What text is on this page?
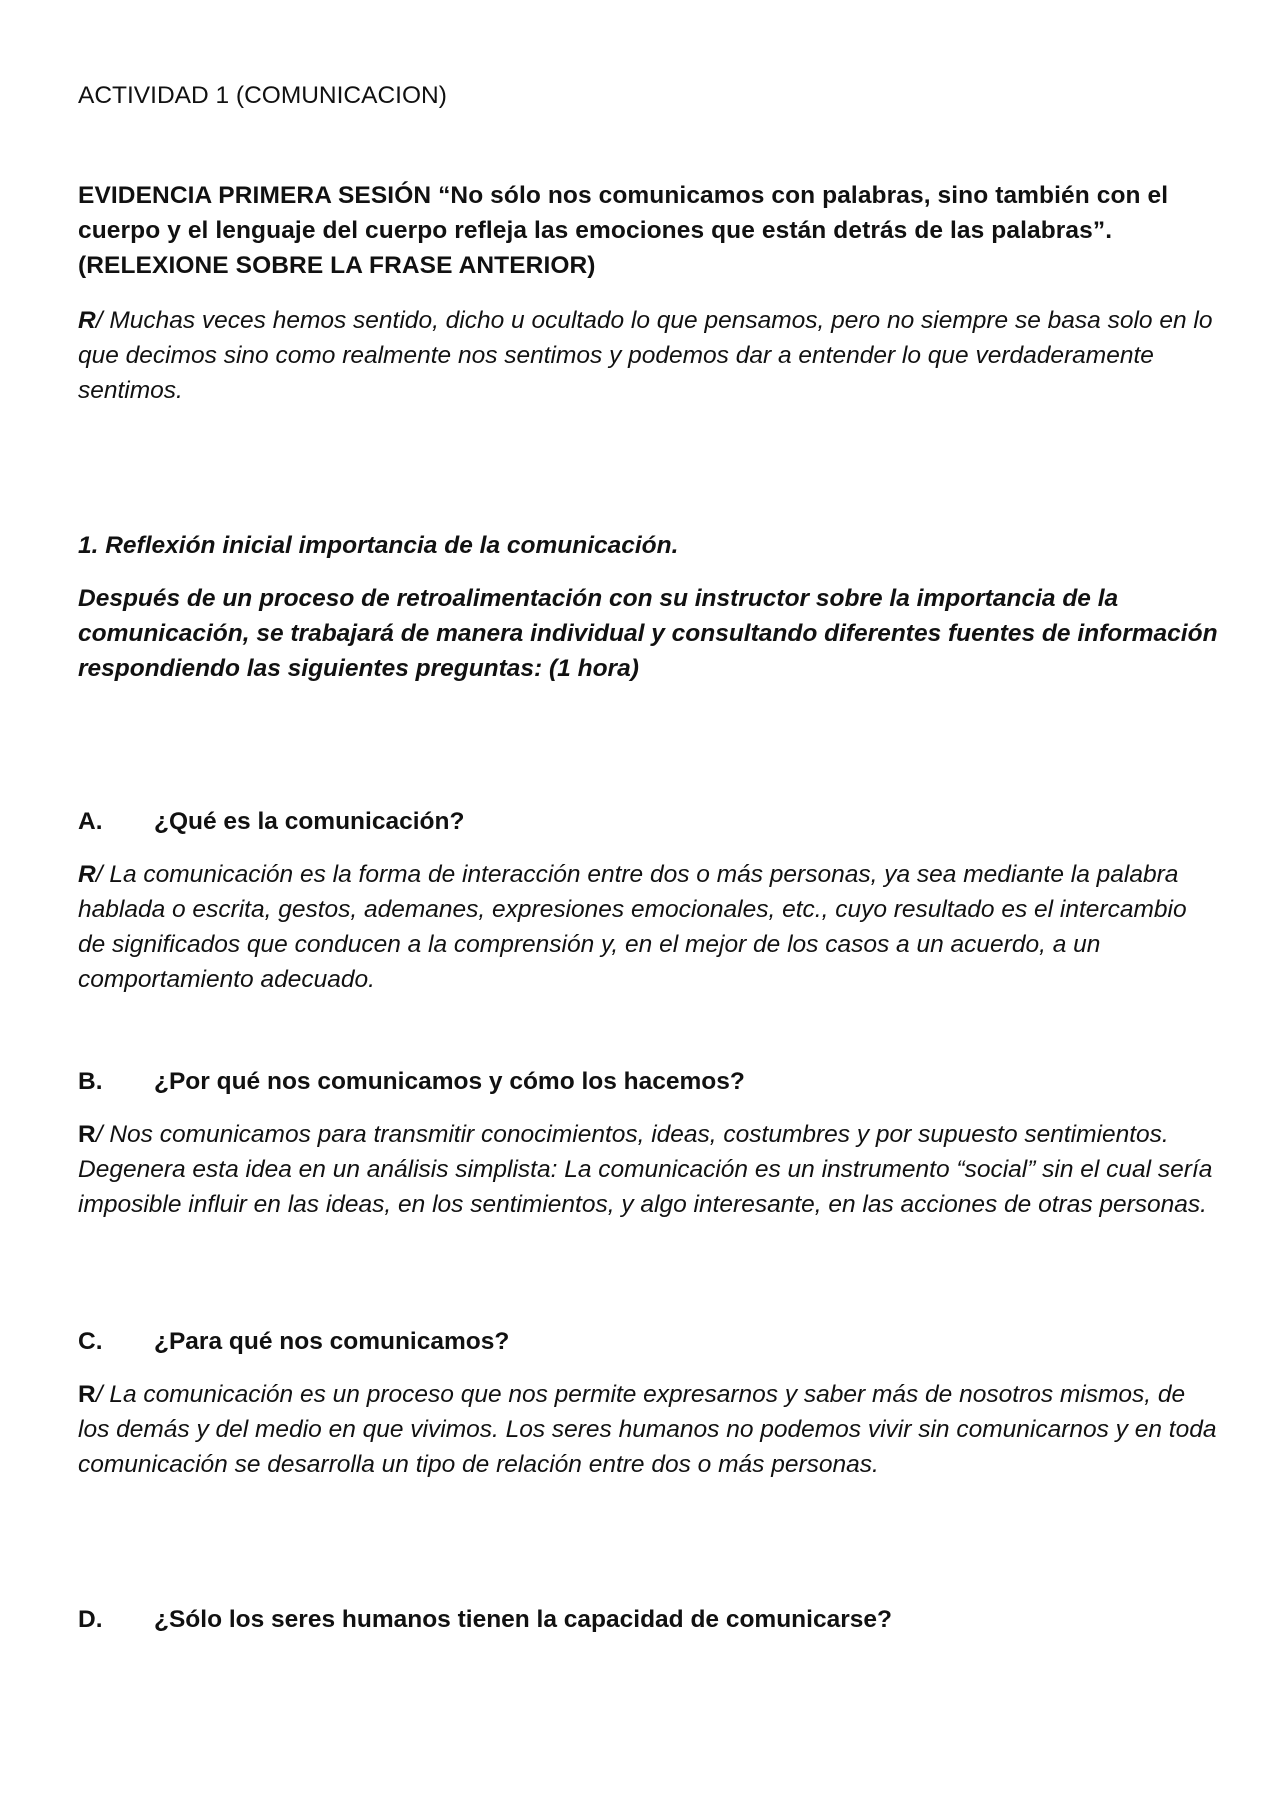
ACTIVIDAD 1 (COMUNICACION)

EVIDENCIA PRIMERA SESIÓN “No sólo nos comunicamos con palabras, sino también con el cuerpo y el lenguaje del cuerpo refleja las emociones que están detrás de las palabras”. (RELEXIONE SOBRE LA FRASE ANTERIOR)

R/ Muchas veces hemos sentido, dicho u ocultado lo que pensamos, pero no siempre se basa solo en lo que decimos sino como realmente nos sentimos y podemos dar a entender lo que verdaderamente sentimos.

1. Reflexión inicial importancia de la comunicación.

Después de un proceso de retroalimentación con su instructor sobre la importancia de la comunicación, se trabajará de manera individual y consultando diferentes fuentes de información respondiendo las siguientes preguntas: (1 hora)

A.	¿Qué es la comunicación?

R/ La comunicación es la forma de interacción entre dos o más personas, ya sea mediante la palabra hablada o escrita, gestos, ademanes, expresiones emocionales, etc., cuyo resultado es el intercambio de significados que conducen a la comprensión y, en el mejor de los casos a un acuerdo, a un comportamiento adecuado.

B.	¿Por qué nos comunicamos y cómo los hacemos?

R/ Nos comunicamos para transmitir conocimientos, ideas, costumbres y por supuesto sentimientos. Degenera esta idea en un análisis simplista: La comunicación es un instrumento “social” sin el cual sería imposible influir en las ideas, en los sentimientos, y algo interesante, en las acciones de otras personas.

C.	¿Para qué nos comunicamos?

R/ La comunicación es un proceso que nos permite expresarnos y saber más de nosotros mismos, de los demás y del medio en que vivimos. Los seres humanos no podemos vivir sin comunicarnos y en toda comunicación se desarrolla un tipo de relación entre dos o más personas.

D.	¿Sólo los seres humanos tienen la capacidad de comunicarse?
